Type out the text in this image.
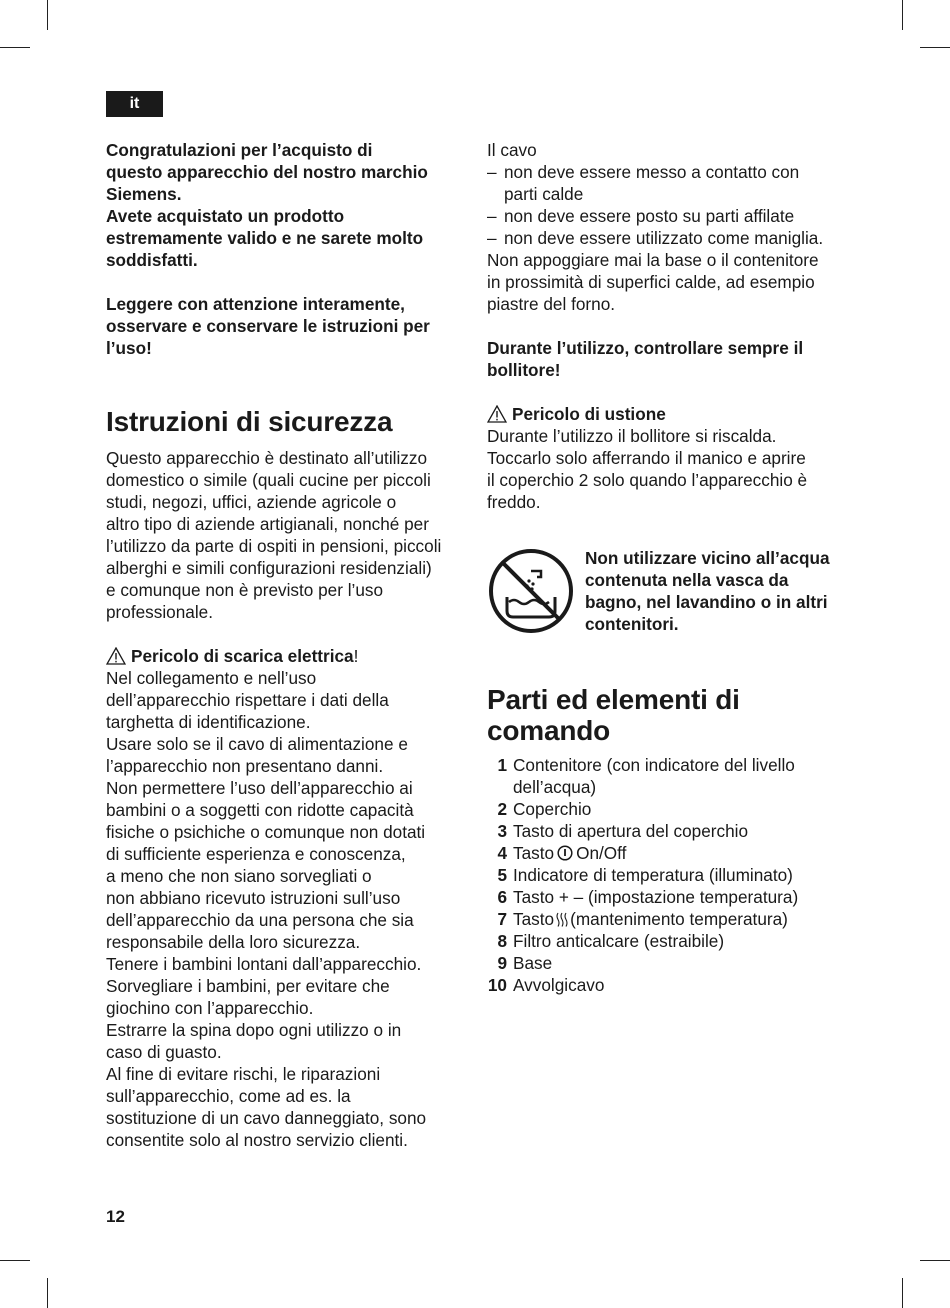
it
Congratulazioni per l’acquisto di
questo apparecchio del nostro marchio
Siemens.
Avete acquistato un prodotto
estremamente valido e ne sarete molto
soddisfatti.
Leggere con attenzione interamente,
osservare e conservare le istruzioni per
l’uso!
Istruzioni di sicurezza
Questo apparecchio è destinato all’utilizzo
domestico o simile (quali cucine per piccoli
studi, negozi, uffici, aziende agricole o
altro tipo di aziende artigianali, nonché per
l’utilizzo da parte di ospiti in pensioni, piccoli
alberghi e simili configurazioni residenziali)
e comunque non è previsto per l’uso
professionale.
Pericolo di scarica elettrica!
Nel collegamento e nell’uso
dell’apparecchio rispettare i dati della
targhetta di identificazione.
Usare solo se il cavo di alimentazione e
l’apparecchio non presentano danni.
Non permettere l’uso dell’apparecchio ai
bambini o a soggetti con ridotte capacità
fisiche o psichiche o comunque non dotati
di sufficiente esperienza e conoscenza,
a meno che non siano sorvegliati o
non abbiano ricevuto istruzioni sull’uso
dell’apparecchio da una persona che sia
responsabile della loro sicurezza.
Tenere i bambini lontani dall’apparecchio.
Sorvegliare i bambini, per evitare che
giochino con l’apparecchio.
Estrarre la spina dopo ogni utilizzo o in
caso di guasto.
Al fine di evitare rischi, le riparazioni
sull’apparecchio, come ad es. la
sostituzione di un cavo danneggiato, sono
consentite solo al nostro servizio clienti.
Il cavo
– non deve essere messo a contatto con
parti calde
– non deve essere posto su parti affilate
– non deve essere utilizzato come maniglia.
Non appoggiare mai la base o il contenitore
in prossimità di superfici calde, ad esempio
piastre del forno.
Durante l’utilizzo, controllare sempre il
bollitore!
Pericolo di ustione
Durante l’utilizzo il bollitore si riscalda.
Toccarlo solo afferrando il manico e aprire
il coperchio 2 solo quando l’apparecchio è
freddo.
Non utilizzare vicino all’acqua
contenuta nella vasca da
bagno, nel lavandino o in altri
contenitori.
Parti ed elementi di
comando
1 Contenitore (con indicatore del livello
dell’acqua)
2 Coperchio
3 Tasto di apertura del coperchio
4 Tasto On/Off
5 Indicatore di temperatura (illuminato)
6 Tasto + – (impostazione temperatura)
7 Tasto (mantenimento temperatura)
8 Filtro anticalcare (estraibile)
9 Base
10 Avvolgicavo
12
